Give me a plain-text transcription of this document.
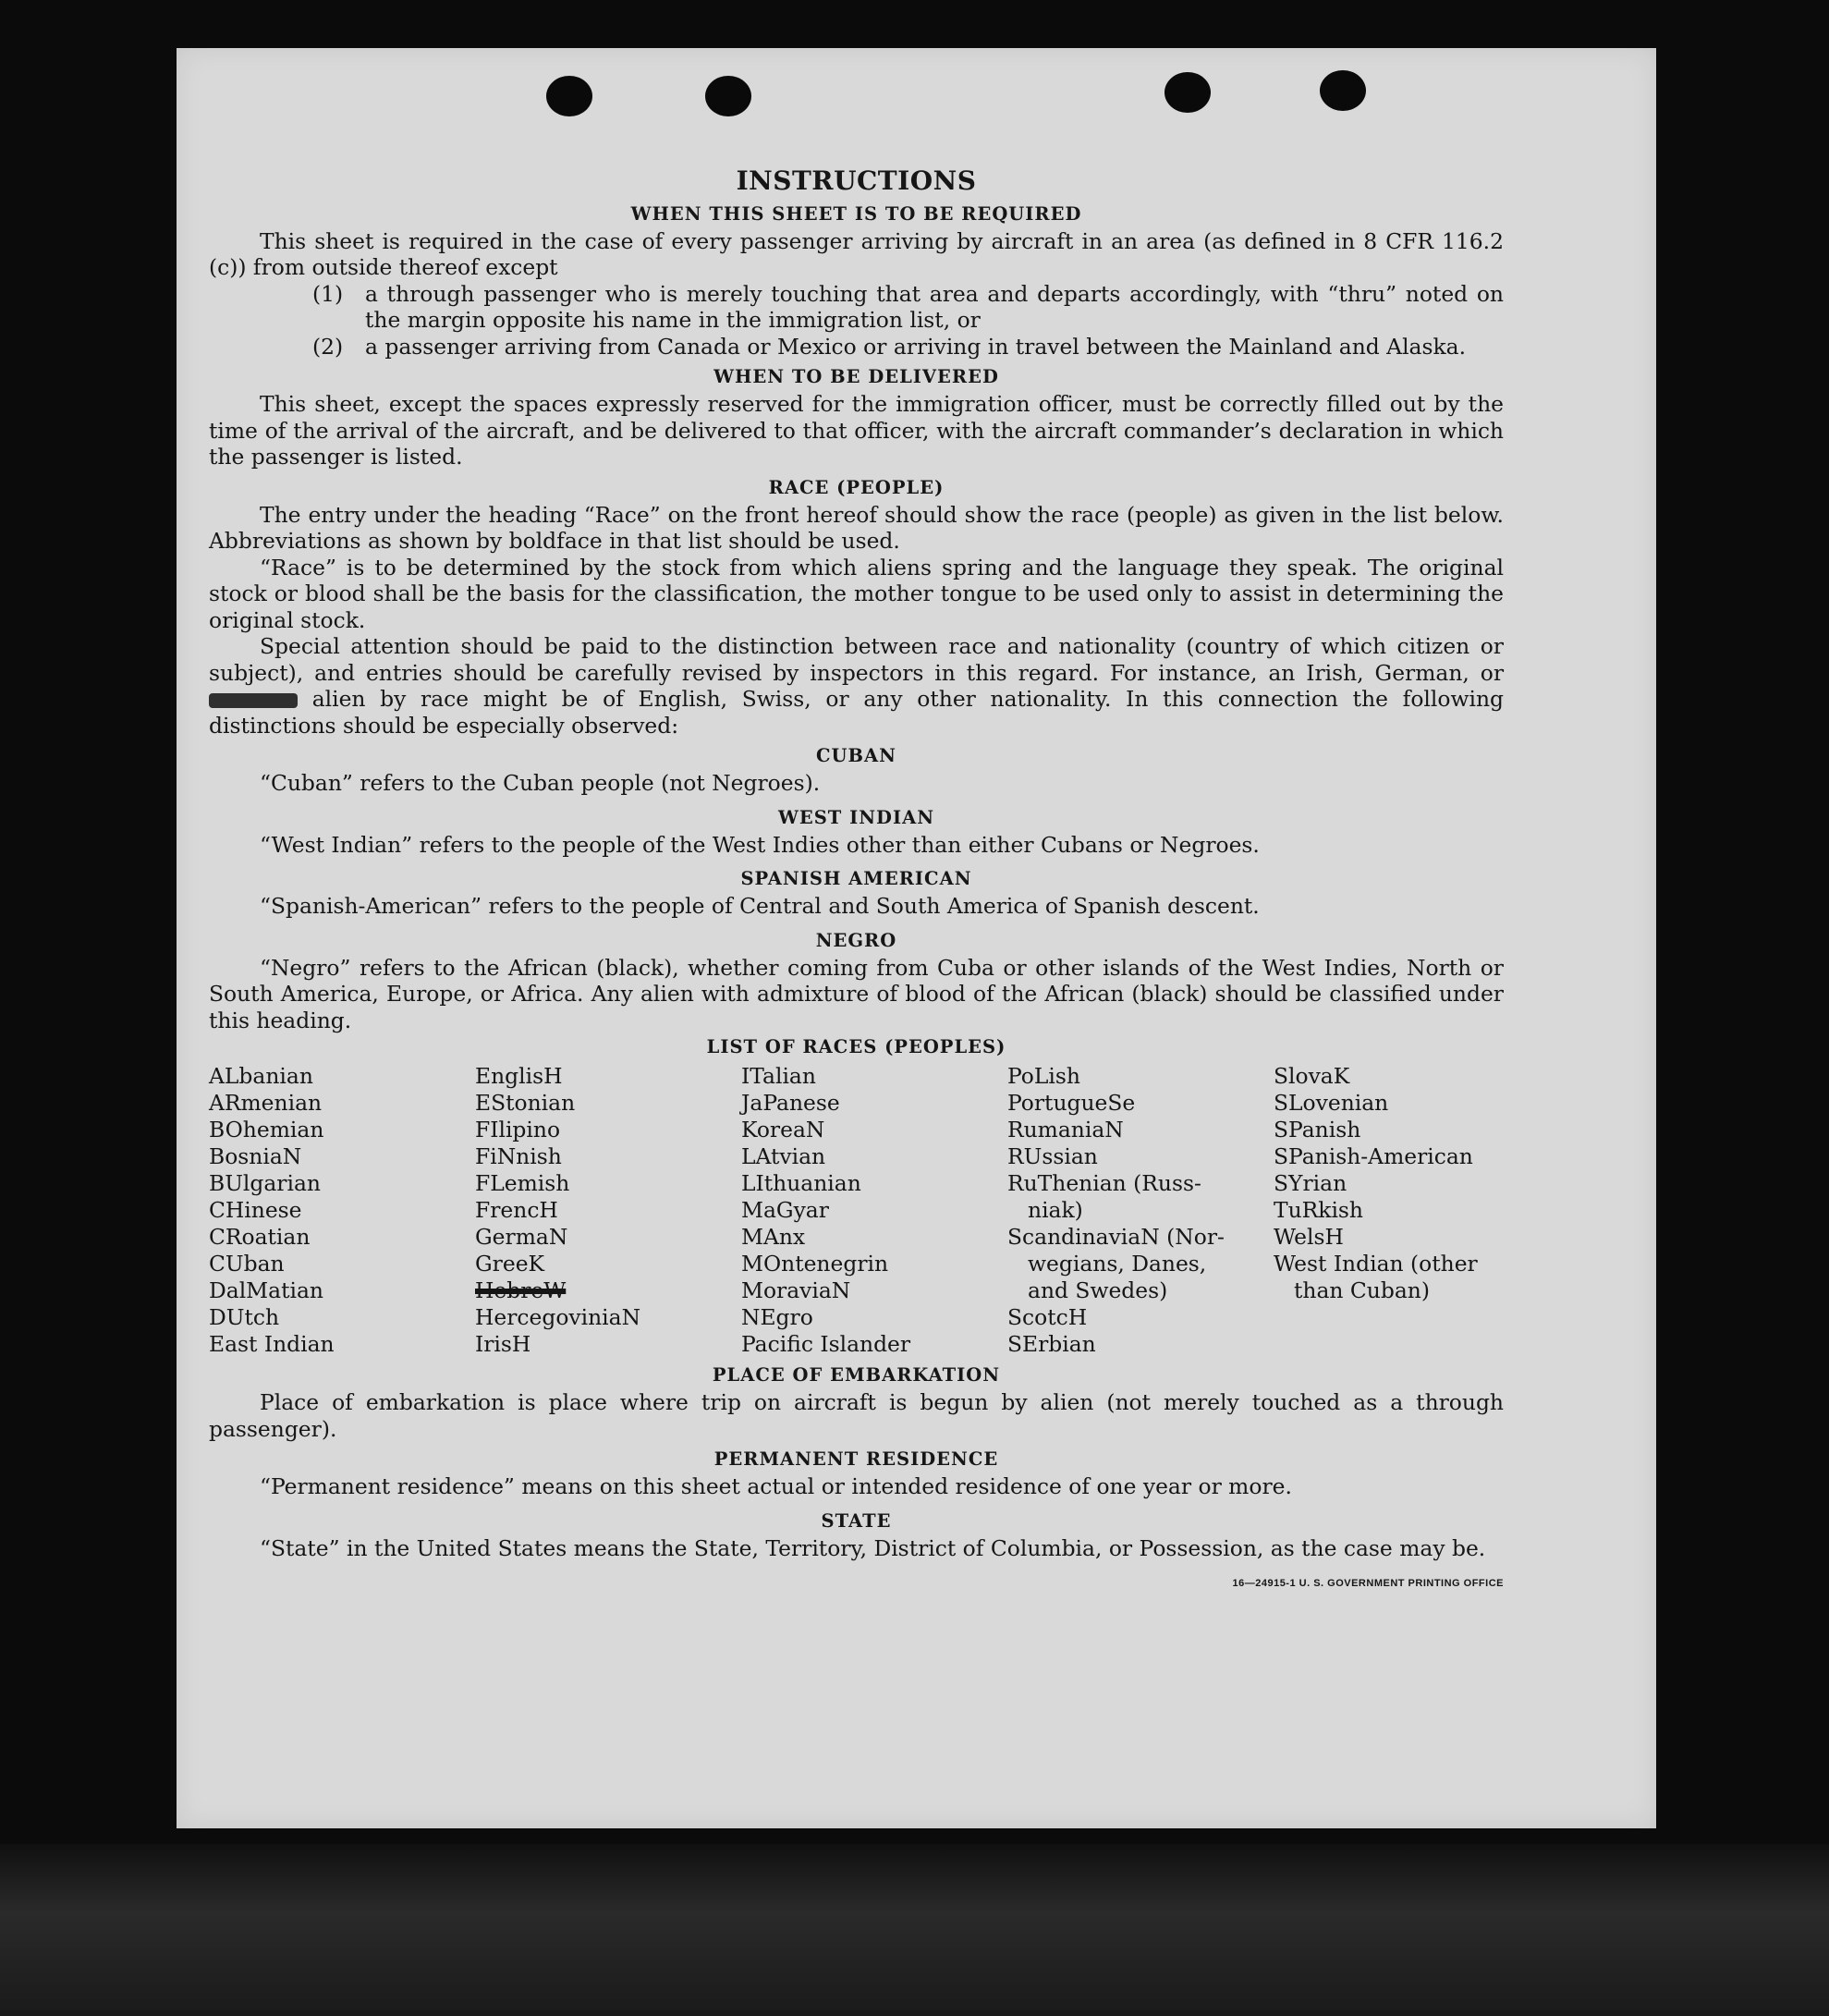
INSTRUCTIONS
WHEN THIS SHEET IS TO BE REQUIRED

This sheet is required in the case of every passenger arriving by aircraft in an area (as defined in 8 CFR 116.2 (c)) from outside thereof except

(1)	a through passenger who is merely touching that area and departs accordingly, with “thru” noted on the margin opposite his name in the immigration list, or
(2)	a passenger arriving from Canada or Mexico or arriving in travel between the Mainland and Alaska.
WHEN TO BE DELIVERED

This sheet, except the spaces expressly reserved for the immigration officer, must be correctly filled out by the time of the arrival of the aircraft, and be delivered to that officer, with the aircraft commander’s declaration in which the passenger is listed.

RACE (PEOPLE)

The entry under the heading “Race” on the front hereof should show the race (people) as given in the list below. Abbreviations as shown by boldface in that list should be used.

“Race” is to be determined by the stock from which aliens spring and the language they speak. The original stock or blood shall be the basis for the classification, the mother tongue to be used only to assist in determining the original stock.

Special attention should be paid to the distinction between race and nationality (country of which citizen or subject), and entries should be carefully revised by inspectors in this regard. For instance, an Irish, German, or  alien by race might be of English, Swiss, or any other nationality. In this connection the following distinctions should be especially observed:

CUBAN

“Cuban” refers to the Cuban people (not Negroes).

WEST INDIAN

“West Indian” refers to the people of the West Indies other than either Cubans or Negroes.

SPANISH AMERICAN

“Spanish-American” refers to the people of Central and South America of Spanish descent.

NEGRO

“Negro” refers to the African (black), whether coming from Cuba or other islands of the West Indies, North or South America, Europe, or Africa. Any alien with admixture of blood of the African (black) should be classified under this heading.

LIST OF RACES (PEOPLES)
ALbanian
ARmenian
BOhemian
BosniaN
BUlgarian
CHinese
CRoatian
CUban
DalMatian
DUtch
East Indian
EnglisH
EStonian
FIlipino
FiNnish
FLemish
FrencH
GermaN
GreeK
HebreW
HercegoviniaN
IrisH
ITalian
JaPanese
KoreaN
LAtvian
LIthuanian
MaGyar
MAnx
MOntenegrin
MoraviaN
NEgro
Pacific Islander
PoLish
PortugueSe
RumaniaN
RUssian
RuThenian (Russ-
niak)
ScandinaviaN (Nor-
wegians, Danes,
and Swedes)
ScotcH
SErbian
SlovaK
SLovenian
SPanish
SPanish-American
SYrian
TuRkish
WelsH
West Indian (other
than Cuban)
PLACE OF EMBARKATION

Place of embarkation is place where trip on aircraft is begun by alien (not merely touched as a through passenger).

PERMANENT RESIDENCE

“Permanent residence” means on this sheet actual or intended residence of one year or more.

STATE

“State” in the United States means the State, Territory, District of Columbia, or Possession, as the case may be.

16—24915-1 U. S. GOVERNMENT PRINTING OFFICE
